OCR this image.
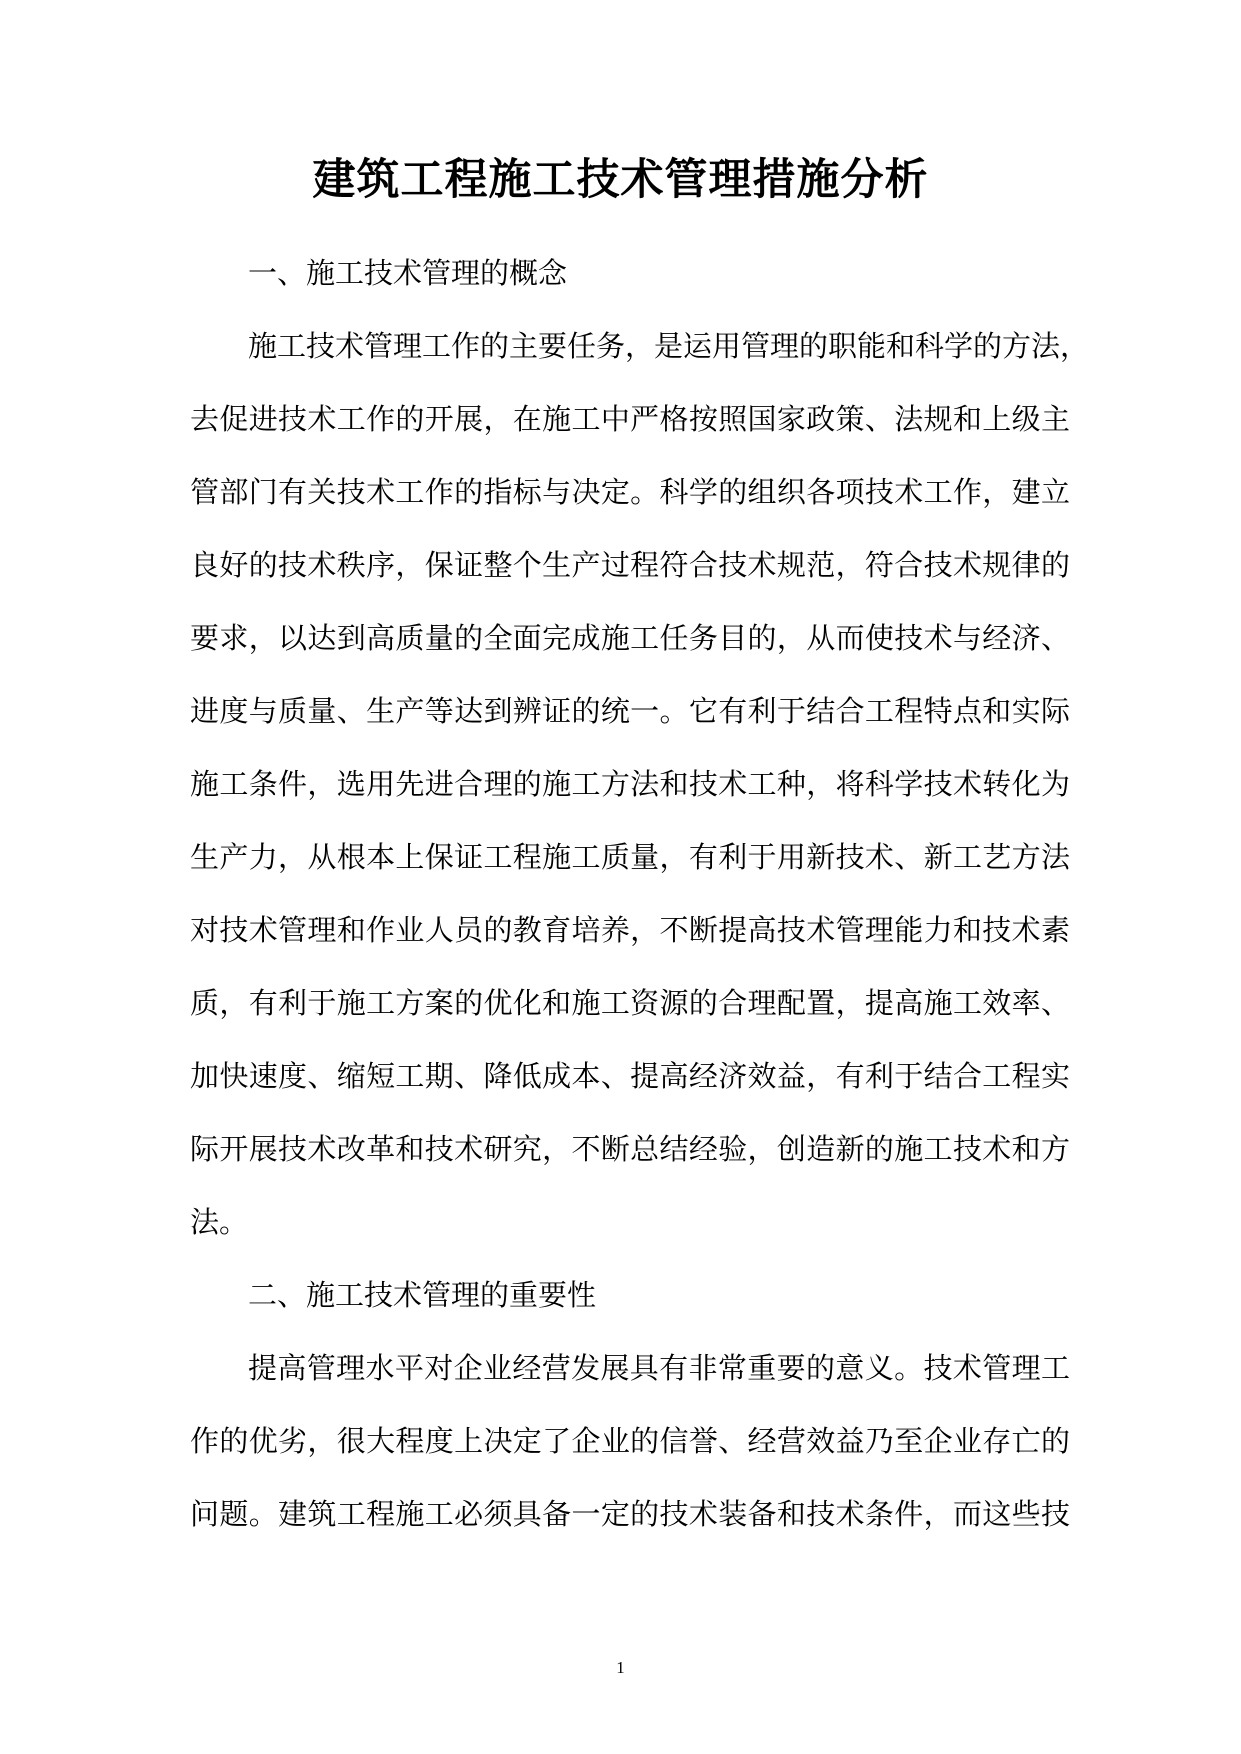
建筑工程施工技术管理措施分析
一、施工技术管理的概念
施工技术管理工作的主要任务，是运用管理的职能和科学的方法，
去促进技术工作的开展，在施工中严格按照国家政策、法规和上级主
管部门有关技术工作的指标与决定。科学的组织各项技术工作，建立
良好的技术秩序，保证整个生产过程符合技术规范，符合技术规律的
要求，以达到高质量的全面完成施工任务目的，从而使技术与经济、
进度与质量、生产等达到辨证的统一。它有利于结合工程特点和实际
施工条件，选用先进合理的施工方法和技术工种，将科学技术转化为
生产力，从根本上保证工程施工质量，有利于用新技术、新工艺方法
对技术管理和作业人员的教育培养，不断提高技术管理能力和技术素
质，有利于施工方案的优化和施工资源的合理配置，提高施工效率、
加快速度、缩短工期、降低成本、提高经济效益，有利于结合工程实
际开展技术改革和技术研究，不断总结经验，创造新的施工技术和方
法。
二、施工技术管理的重要性
提高管理水平对企业经营发展具有非常重要的意义。技术管理工
作的优劣，很大程度上决定了企业的信誉、经营效益乃至企业存亡的
问题。建筑工程施工必须具备一定的技术装备和技术条件，而这些技
1
